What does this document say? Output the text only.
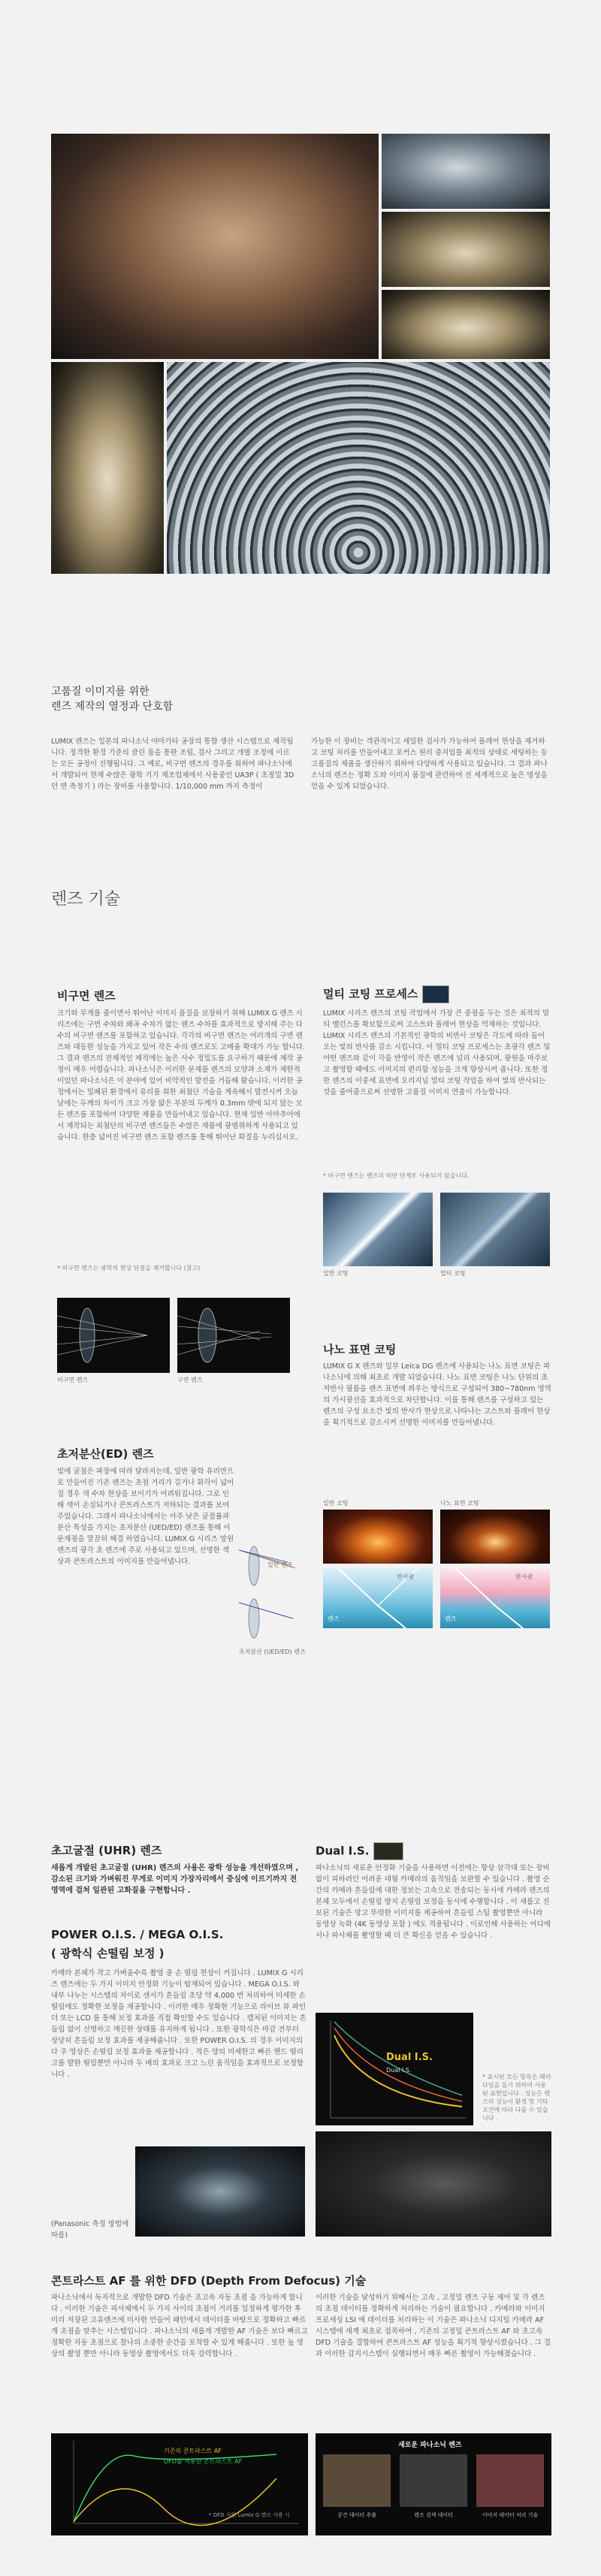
고품질 이미지를 위한
렌즈 제작의 열정과 단호함
LUMIX 렌즈는 일본의 파나소닉 야마가타 공장의 통합 생산 시스템으로 제작됩니다. 정격한 환경 기준의 클린 룸을 통한 조립, 검사 그리고 개별 조정에 이르는 모든 공정이 진행됩니다. 그 예로, 비구면 렌즈의 경우를 위하여 파나소닉에서 개발되어 현재 수많은 광학 기기 제조업체에서 사용중인 UA3P ( 초정밀 3D 던 면 측정기 ) 라는 장비를 사용합니다. 1/10,000 mm 까지 측정이
가능한 이 장비는 객관적이고 세밀한 검사가 가능하여 플레어 현상을 제거하고 코팅 처리를 만들어내고 포커스 원리 중지입틀 최적의 상태로 세팅하는 등 고품질의 제품을 생산하기 위하여 다양하게 사용되고 있습니다. 그 결과 파나소닉의 렌즈는 정확 도와 이미지 품질에 관련하여 전 세계적으로 높은 명성을 얻을 수 있게 되었습니다.
렌즈 기술
비구면 렌즈
크기와 무게를 줄이면서 뛰어난 이미지 품질을 보장하기 위해 LUMIX G 렌즈 시리즈에는 구면 수차와 왜곡 수차가 없는 렌즈 수차를 효과적으로 방지해 주는 다수의 비구면 렌즈를 포함하고 있습니다. 각각의 비구면 렌즈는 여러개의 구면 렌즈와 대등한 성능을 가지고 있어 작은 수의 렌즈로도 고배율 확대가 가능 합니다. 그 결과 렌즈의 전체적인 체적에는 높은 사수 정밀도를 요구하기 때문에 제작 공정이 매우 어렵습니다. 파나소닉은 이러한 문제를 렌즈의 모양과 소재가 제한적이었던 파나소닉은 이 분야에 있어 비약적인 발전을 거듭해 왔습니다. 이러한 공정에서는 밀폐된 환경에서 유리를 위한 최첨단 기술을 계속해서 발전시켜 오늘날에는 두께의 차이가 크고 가장 얇은 부분의 두께가 0.3mm 밖에 되지 않는 모든 렌즈를 포함하여 다양한 제품을 만들어내고 있습니다. 현재 일반 아마추어에서 제작되는 최첨단의 비구면 렌즈들은 수많은 제품에 광범위하게 사용되고 있습니다. 한층 넓어진 비구면 렌즈 포함 렌즈를 통해 뛰어난 화질을 누리십시오.
* 비구면 렌즈는 광학적 현상 단점을 제거합니다 (참고)
비구면 렌즈	구면 렌즈
초저분산(ED) 렌즈
빛에 굴절은 파장에 따라 달라지는데, 일반 광학 유리만으로 만들어진 기존 렌즈는 초점 거리가 길거나 화각이 넓어질 경우 색 수차 현상을 보이기가 어려워집니다. 그로 인해 색이 손실되거나 콘트라스트가 저하되는 결과를 보여주었습니다. 그래서 파나소닉에서는 아주 낮은 굴절률과 분산 특성을 가지는 초저분산 (UED/ED) 렌즈를 통해 이 문제점을 말끔히 해결 하였습니다. LUMIX G 시리즈 망원 렌즈의 광각 초 렌즈에 주로 사용되고 있으며, 선명한 색상과 콘트라스트의 이미지를 만들어냅니다.	일반 렌즈
초저분산 (UED/ED) 렌즈
멀티 코팅 프로세스
LUMIX 시리즈 렌즈의 코팅 작업에서 가장 큰 중점을 두는 것은 최적의 멀티 밸런스를 확보함으로써 고스트와 플레어 현상을 억제하는 것입니다. LUMIX 시리즈 렌즈의 기본적인 광학의 비반사 코팅은 각도에 따라 들어오는 빛의 반사를 감소 시킵니다. 이 멀티 코팅 프로세스는 초광각 렌즈 및 어떤 렌즈와 같이 각을 반영이 작은 렌즈에 널리 사용되며, 광원을 마주보고 촬영할 때에도 이미지의 편리함 성능을 크게 향상시켜 줍니다. 또한 정한 렌즈의 이중세 표면에 오리지널 멀티 코팅 작업을 하여 빛의 반사되는 것을 줄여줌으로써 선명한 고품질 이미지 연출이 가능합니다.
* 비구면 렌즈는 렌즈의 비반 단계로 사용되지 않습니다.
일반 코팅	멀티 코팅
나노 표면 코팅
LUMIX G X 렌즈와 일부 Leica DG 렌즈에 사용되는 나노 표면 코팅은 파나소닉에 의해 최초로 개발 되었습니다. 나노 표면 코팅은 나노 단위의 초저반사 필름을 렌즈 표면에 씌우는 방식으로 구성되어 380~780nm 영역의 가시광선을 효과적으로 차단합니다. 이를 통해 렌즈를 구성하고 있는 렌즈의 구성 요소간 빛의 반사가 현상으로 나타나는 고스트와 플레어 현상을 획기적으로 감소시켜 선명한 이미지를 만들어냅니다.
일반 코팅	나노 표면 코팅
반사광	반사광
렌즈	렌즈
초고굴절 (UHR) 렌즈
새롭게 개발된 초고굴절 (UHR) 렌즈의 사용은 광학 성능을 개선하였으며 , 감소된 크기와 가벼워진 무게로 이미지 가장자리에서 중심에 이르기까지 전 영역에 걸쳐 일관된 고화질을 구현합니다 .
POWER O.I.S. / MEGA O.I.S.
( 광학식 손떨림 보정 )
카메라 본체가 작고 가벼울수록 촬영 중 손 떨림 현상이 커집니다 . LUMIX G 시리즈 렌즈에는 두 가지 이미지 안정화 기능이 탑재되어 있습니다 . MEGA O.I.S. 와 내부 나누는 시스템의 자이로 센서가 흔들림 초당 약 4,000 번 처리하여 미세한 손 떨림에도 정확한 보정을 제공합니다 . 이러한 매우 정확한 기능으로 라이브 뷰 파인더 또는 LCD 를 통해 보정 효과를 직접 확인할 수도 있습니다 . 캡처된 이미지는 흔들림 없이 선명하고 깨끗한 상태를 유지하게 됩니다 . 또한 광학식은 마감 전부터 상당히 흔들림 보정 효과를 제공해줍니다 . 또한 POWER O.I.S. 의 경우 이미지의 다 우 영상은 손떨림 보정 효과를 제공합니다 . 적은 양의 미세한고 빠른 핸드 떨리고를 발한 떨림뿐만 아니라 두 배의 효과로 크고 느린 움직임을 효과적으로 보정합니다 .
(Panasonic 측정 방법에 따름)
Dual I.S.
파나소닉의 새로운 안정화 기술을 사용하면 이전에는 항상 삼각대 또는 장비없이 피하려던 어려운 대형 카메라의 움직임을 보완할 수 있습니다 . 촬영 순간의 카메라 흔들림에 대한 정보는 고속으로 전송되는 동시에 카메라 렌즈의 본체 모두에서 손떨림 방지 손떨림 보정을 동시에 수행합니다 . 이 새롭고 진보된 기술은 망고 뚜렷한 이미지를 제공하여 흔들림 스틸 촬영뿐만 아니라 동영상 녹화 (4K 동영상 포함 ) 에도 적용됩니다 . 이로인해 사용하는 어디에서나 파사체를 촬영할 때 더 큰 확신을 얻을 수 있습니다 .
Dual I.S.
Dual I.S.
* 표시된 모든 항목은 패러다임을 돕기 위하여 사용된 표현입니다 . 성능은 렌즈의 성능이 환경 및 기타 조건에 따라 다를 수 있습니다 .
콘트라스트 AF 를 위한 DFD (Depth From Defocus) 기술
파나소닉에서 독자적으로 개발한 DFD 기술은 초고속 자동 초점 을 가능하게 합니다 . 이러한 기술은 피사체에서 두 가지 사이의 초점이 거리를 일정하게 평가한 후 미리 저장된 고유렌즈에 미사한 만들어 패턴에서 데이터를 바탕으로 정확하고 빠르게 초점을 맞추는 시스템입니다 . 파나소닉의 새롭게 개발한 AF 기술은 보다 빠르고 정확한 자동 초점으로 찰나의 소중한 순간을 포착할 수 있게 해줍니다 . 또한 높 영상의 촬영 뿐만 아니라 동영상 촬영에서도 더욱 강력합니다 .
이러한 기술을 달성하기 위해서는 고속 , 고정밀 렌즈 구동 제어 및 각 렌즈의 초점 데이터를 정확하게 처리하는 기술이 필요합니다 . 카메라와 이미지 프로세싱 LSI 에 데이터를 처리하는 이 기술은 파나소닉 디지털 카메라 AF 시스템에 새계 최초로 접목하여 , 기존의 고정밀 콘트라스트 AF 와 초고속 DFD 기술을 결합하여 콘트라스트 AF 성능을 획기적 향상시켰습니다 . 그 결과 이러한 감지시스템이 실행되면서 매우 빠른 촬영이 가능해졌습니다 .
기존의 콘트라스트 AF
DFD를 적용한 콘트라스트 AF
* DFD 지원 Lumix G 렌즈 사용 시
새로운 파나소닉 렌즈
공간 데이터 추출	렌즈 검색 데이터	이미지 데이터 처리 기술
